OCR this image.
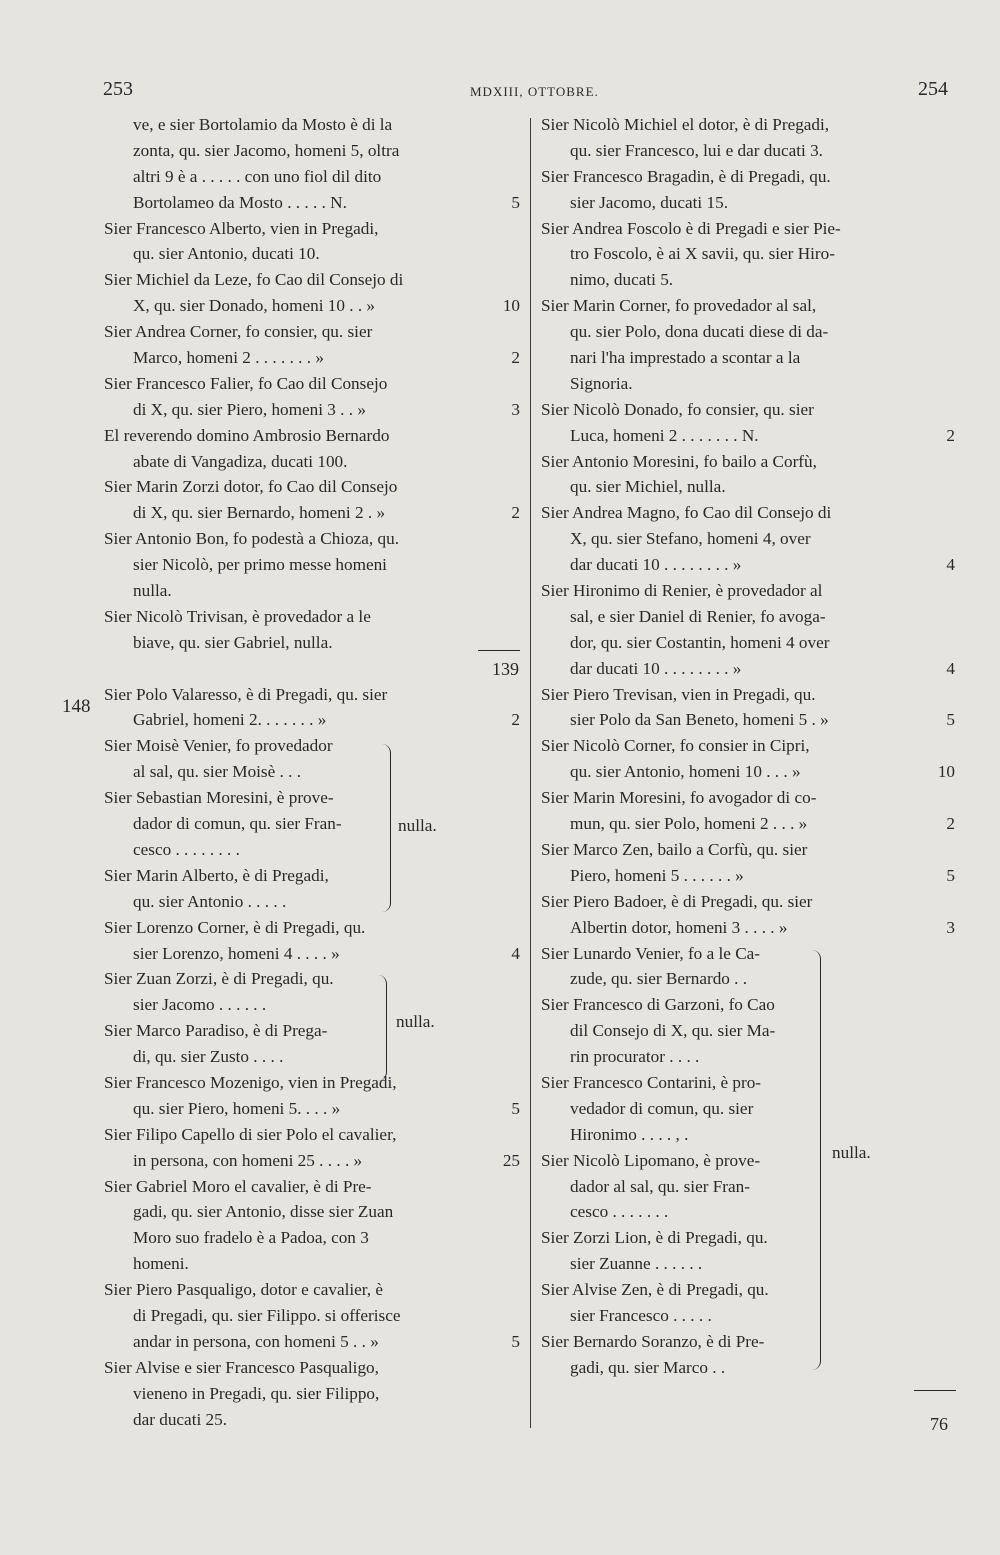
253	MDXIII, OTTOBRE.	254
148
ve, e sier Bortolamio da Mosto è di la
zonta, qu. sier Jacomo, homeni 5, oltra
altri 9 è a . . . . . con uno fiol dil dito
Bortolameo da Mosto . . . . . N.	5
Sier Francesco Alberto, vien in Pregadi,
qu. sier Antonio, ducati 10.
Sier Michiel da Leze, fo Cao dil Consejo di
X, qu. sier Donado, homeni 10 . . »	10
Sier Andrea Corner, fo consier, qu. sier
Marco, homeni 2 . . . . . . . »	2
Sier Francesco Falier, fo Cao dil Consejo
di X, qu. sier Piero, homeni 3 . . »	3
El reverendo domino Ambrosio Bernardo
abate di Vangadiza, ducati 100.
Sier Marin Zorzi dotor, fo Cao dil Consejo
di X, qu. sier Bernardo, homeni 2 . »	2
Sier Antonio Bon, fo podestà a Chioza, qu.
sier Nicolò, per primo messe homeni
nulla.
Sier Nicolò Trivisan, è provedador a le
biave, qu. sier Gabriel, nulla.
Sier Polo Valaresso, è di Pregadi, qu. sier
Gabriel, homeni 2. . . . . . . »	2
Sier Moisè Venier, fo provedador
al sal, qu. sier Moisè . . .
Sier Sebastian Moresini, è prove-
dador di comun, qu. sier Fran-
cesco . . . . . . . .
Sier Marin Alberto, è di Pregadi,
qu. sier Antonio . . . . .
Sier Lorenzo Corner, è di Pregadi, qu.
sier Lorenzo, homeni 4 . . . . »	4
Sier Zuan Zorzi, è di Pregadi, qu.
sier Jacomo . . . . . .
Sier Marco Paradiso, è di Prega-
di, qu. sier Zusto . . . .
Sier Francesco Mozenigo, vien in Pregadi,
qu. sier Piero, homeni 5. . . . »	5
Sier Filipo Capello di sier Polo el cavalier,
in persona, con homeni 25 . . . . »	25
Sier Gabriel Moro el cavalier, è di Pre-
gadi, qu. sier Antonio, disse sier Zuan
Moro suo fradelo è a Padoa, con 3
homeni.
Sier Piero Pasqualigo, dotor e cavalier, è
di Pregadi, qu. sier Filippo. si offerisce
andar in persona, con homeni 5 . . »	5
Sier Alvise e sier Francesco Pasqualigo,
vieneno in Pregadi, qu. sier Filippo,
dar ducati 25.
Sier Nicolò Michiel el dotor, è di Pregadi,
qu. sier Francesco, lui e dar ducati 3.
Sier Francesco Bragadin, è di Pregadi, qu.
sier Jacomo, ducati 15.
Sier Andrea Foscolo è di Pregadi e sier Pie-
tro Foscolo, è ai X savii, qu. sier Hiro-
nimo, ducati 5.
Sier Marin Corner, fo provedador al sal,
qu. sier Polo, dona ducati diese di da-
nari l'ha imprestado a scontar a la
Signoria.
Sier Nicolò Donado, fo consier, qu. sier
Luca, homeni 2 . . . . . . . N.	2
Sier Antonio Moresini, fo bailo a Corfù,
qu. sier Michiel, nulla.
Sier Andrea Magno, fo Cao dil Consejo di
X, qu. sier Stefano, homeni 4, over
dar ducati 10 . . . . . . . . »	4
Sier Hironimo di Renier, è provedador al
sal, e sier Daniel di Renier, fo avoga-
dor, qu. sier Costantin, homeni 4 over
dar ducati 10 . . . . . . . . »	4
Sier Piero Trevisan, vien in Pregadi, qu.
sier Polo da San Beneto, homeni 5 . »	5
Sier Nicolò Corner, fo consier in Cipri,
qu. sier Antonio, homeni 10 . . . »	10
Sier Marin Moresini, fo avogador di co-
mun, qu. sier Polo, homeni 2 . . . »	2
Sier Marco Zen, bailo a Corfù, qu. sier
Piero, homeni 5 . . . . . . »	5
Sier Piero Badoer, è di Pregadi, qu. sier
Albertin dotor, homeni 3 . . . . »	3
Sier Lunardo Venier, fo a le Ca-
zude, qu. sier Bernardo . .
Sier Francesco di Garzoni, fo Cao
dil Consejo di X, qu. sier Ma-
rin procurator . . . .
Sier Francesco Contarini, è pro-
vedador di comun, qu. sier
Hironimo . . . . , .
Sier Nicolò Lipomano, è prove-
dador al sal, qu. sier Fran-
cesco . . . . . . .
Sier Zorzi Lion, è di Pregadi, qu.
sier Zuanne . . . . . .
Sier Alvise Zen, è di Pregadi, qu.
sier Francesco . . . . .
Sier Bernardo Soranzo, è di Pre-
gadi, qu. sier Marco . .
139
76
nulla.
nulla.
nulla.
